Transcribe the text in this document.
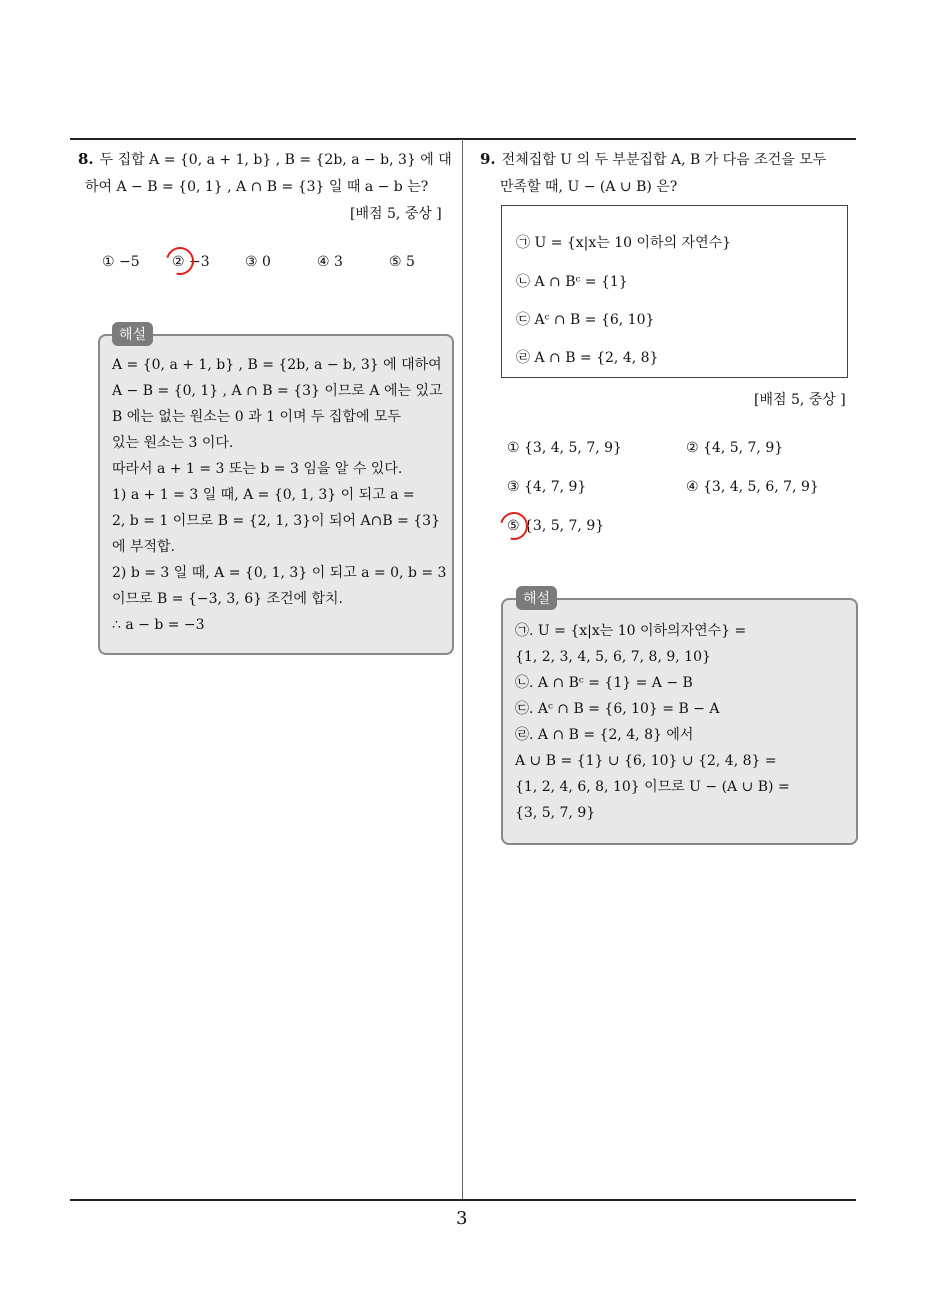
8. 두 집합 A = {0, a + 1, b} , B = {2b, a − b, 3} 에 대
하여 A − B = {0, 1} , A ∩ B = {3} 일 때 a − b 는?
[배점 5, 중상 ]
① −5 ② −3	③ 0	④ 3	⑤ 5
A = {0, a + 1, b} , B = {2b, a − b, 3} 에 대하여
A − B = {0, 1} , A ∩ B = {3} 이므로 A 에는 있고
B 에는 없는 원소는 0 과 1 이며 두 집합에 모두
있는 원소는 3 이다.
따라서 a + 1 = 3 또는 b = 3 임을 알 수 있다.
1) a + 1 = 3 일 때, A = {0, 1, 3} 이 되고 a =
2, b = 1 이므로 B = {2, 1, 3}이 되어 A∩B = {3}
에 부적합.
2) b = 3 일 때, A = {0, 1, 3} 이 되고 a = 0, b = 3
이므로 B = {−3, 3, 6} 조건에 합치.
∴ a − b = −3
해설
9. 전체집합 U 의 두 부분집합 A, B 가 다음 조건을 모두
만족할 때, U − (A ∪ B) 은?
㉠ U = {x|x는 10 이하의 자연수}
㉡ A ∩ Bᶜ = {1}
㉢ Aᶜ ∩ B = {6, 10}
㉣ A ∩ B = {2, 4, 8}
[배점 5, 중상 ]
① {3, 4, 5, 7, 9}	② {4, 5, 7, 9}
③ {4, 7, 9}	④ {3, 4, 5, 6, 7, 9}
⑤ {3, 5, 7, 9}
㉠. U = {x|x는 10 이하의자연수} =
{1, 2, 3, 4, 5, 6, 7, 8, 9, 10}
㉡. A ∩ Bᶜ = {1} = A − B
㉢. Aᶜ ∩ B = {6, 10} = B − A
㉣. A ∩ B = {2, 4, 8} 에서
A ∪ B = {1} ∪ {6, 10} ∪ {2, 4, 8} =
{1, 2, 4, 6, 8, 10} 이므로 U − (A ∪ B) =
{3, 5, 7, 9}
해설
3
